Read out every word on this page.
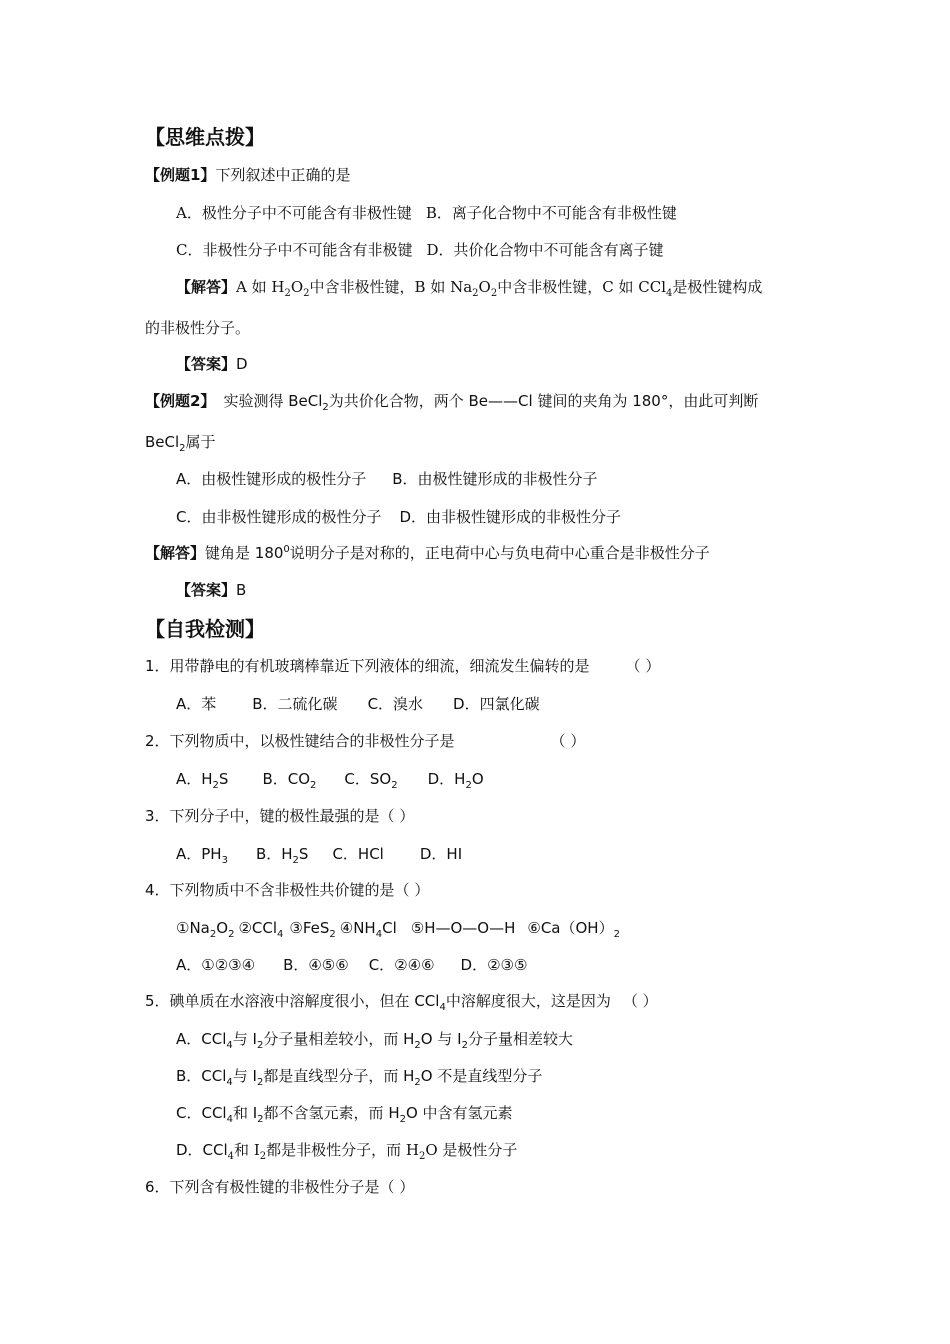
【思维点拨】
【例题1】下列叙述中正确的是
A．极性分子中不可能含有非极性键 B．离子化合物中不可能含有非极性键
C．非极性分子中不可能含有非极键 D．共价化合物中不可能含有离子键
【解答】A 如 $H_2O_2$中含非极性键，B 如 $Na_2O_2$中含非极性键，C 如 CCl$_4$是极性键构成
的非极性分子。
【答案】D
【例题2】 实验测得 BeCl$_2$为共价化合物，两个 Be——Cl 键间的夹角为 180°，由此可判断
BeCl$_2$属于
A．由极性键形成的极性分子 B．由极性键形成的非极性分子
C．由非极性键形成的极性分子 D．由非极性键形成的非极性分子
【解答】键角是 $180^0$说明分子是对称的，正电荷中心与负电荷中心重合是非极性分子
【答案】B
【自我检测】
1．用带静电的有机玻璃棒靠近下列液体的细流，细流发生偏转的是 （ ）
A．苯 B．二硫化碳 C．溴水 D．四氯化碳
2．下列物质中，以极性键结合的非极性分子是	（ ）
A．$H_2S$ B．$CO_2$ C．$SO_2$ D．$H_2O$
3．下列分子中，键的极性最强的是（ ）
A．$PH_3$ B．$H_2S$ C．HCl D．HI
4．下列物质中不含非极性共价键的是（ ）
$①Na_2O_2$ ②CCl$_4$ ③FeS$_2$ $④NH_4Cl$ ⑤H—O—O—H $⑥Ca(OH)_2$
A．①②③④ B．④⑤⑥ C．②④⑥ D．②③⑤
5．碘单质在水溶液中溶解度很小，但在 CCl$_4$中溶解度很大，这是因为 （ ）
A．CCl$_4$与 $I_2$分子量相差较小，而 $H_2O$ 与 $I_2$分子量相差较大
B．CCl$_4$与 $I_2$都是直线型分子，而 $H_2O$ 不是直线型分子
C．CCl$_4$和 $I_2$都不含氢元素，而 $H_2O$ 中含有氢元素
D．CCl$_4$和 $I_2$都是非极性分子，而 $H_2O$ 是极性分子
6．下列含有极性键的非极性分子是（ ）
